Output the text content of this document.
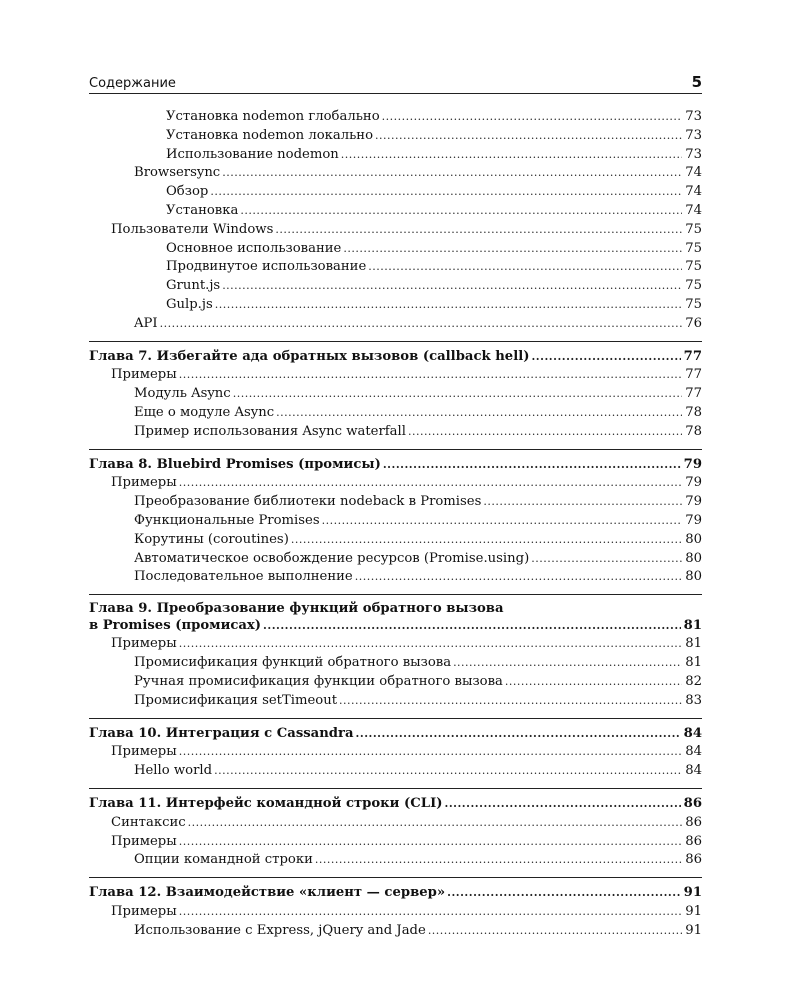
Содержание	5
Установка nodemon глобально .....	73
Установка nodemon локально .....	73
Использование nodemon .....	73
Browsersync .....	74
Обзор .....	74
Установка .....	74
Пользователи Windows .....	75
Основное использование .....	75
Продвинутое использование .....	75
Grunt.js .....	75
Gulp.js .....	75
API .....	76
Глава 7. Избегайте ада обратных вызовов (callback hell) .....	77
Примеры .....	77
Модуль Async .....	77
Еще о модуле Async .....	78
Пример использования Async waterfall .....	78
Глава 8. Bluebird Promises (промисы) .....	79
Примеры .....	79
Преобразование библиотеки nodeback в Promises .....	79
Функциональные Promises .....	79
Корутины (coroutines) .....	80
Автоматическое освобождение ресурсов (Promise.using) .....	80
Последовательное выполнение .....	80
Глава 9. Преобразование функций обратного вызова
в Promises (промисах) .....	81
Примеры .....	81
Промисификация функций обратного вызова .....	81
Ручная промисификация функции обратного вызова .....	82
Промисификация setTimeout .....	83
Глава 10. Интеграция с Cassandra .....	84
Примеры .....	84
Hello world .....	84
Глава 11. Интерфейс командной строки (CLI) .....	86
Синтаксис .....	86
Примеры .....	86
Опции командной строки .....	86
Глава 12. Взаимодействие «клиент — сервер» .....	91
Примеры .....	91
Использование с Express, jQuery and Jade .....	91
